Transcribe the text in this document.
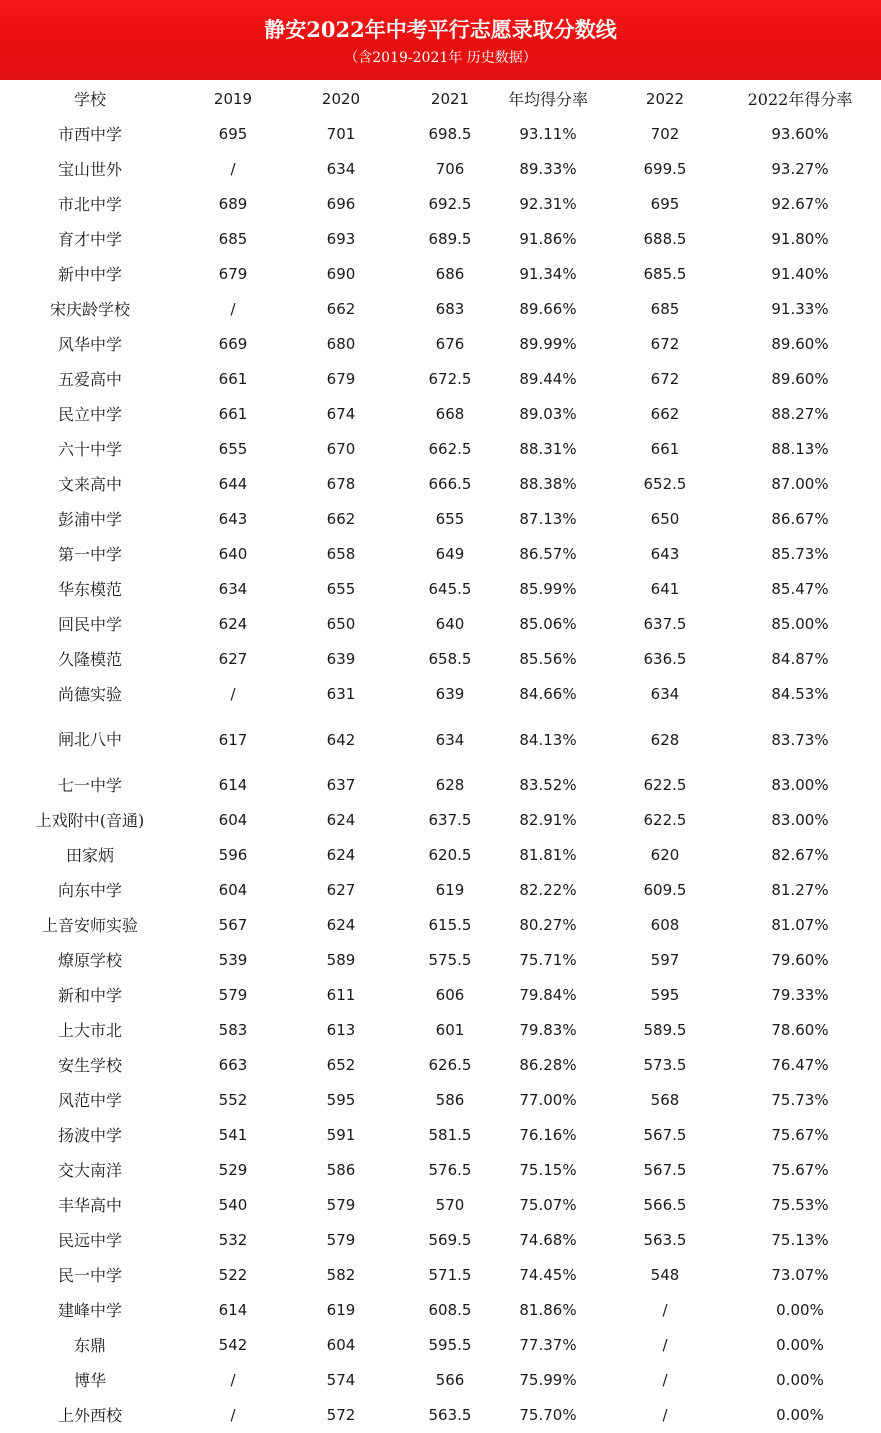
静安2022年中考平行志愿录取分数线
（含2019-2021年 历史数据）
学校	2019	2020	2021	年均得分率	2022	2022年得分率
市西中学	695	701	698.5	93.11%	702	93.60%
宝山世外	/	634	706	89.33%	699.5	93.27%
市北中学	689	696	692.5	92.31%	695	92.67%
育才中学	685	693	689.5	91.86%	688.5	91.80%
新中中学	679	690	686	91.34%	685.5	91.40%
宋庆龄学校	/	662	683	89.66%	685	91.33%
风华中学	669	680	676	89.99%	672	89.60%
五爱高中	661	679	672.5	89.44%	672	89.60%
民立中学	661	674	668	89.03%	662	88.27%
六十中学	655	670	662.5	88.31%	661	88.13%
文来高中	644	678	666.5	88.38%	652.5	87.00%
彭浦中学	643	662	655	87.13%	650	86.67%
第一中学	640	658	649	86.57%	643	85.73%
华东模范	634	655	645.5	85.99%	641	85.47%
回民中学	624	650	640	85.06%	637.5	85.00%
久隆模范	627	639	658.5	85.56%	636.5	84.87%
尚德实验	/	631	639	84.66%	634	84.53%
闸北八中	617	642	634	84.13%	628	83.73%
七一中学	614	637	628	83.52%	622.5	83.00%
上戏附中(音通)	604	624	637.5	82.91%	622.5	83.00%
田家炳	596	624	620.5	81.81%	620	82.67%
向东中学	604	627	619	82.22%	609.5	81.27%
上音安师实验	567	624	615.5	80.27%	608	81.07%
燎原学校	539	589	575.5	75.71%	597	79.60%
新和中学	579	611	606	79.84%	595	79.33%
上大市北	583	613	601	79.83%	589.5	78.60%
安生学校	663	652	626.5	86.28%	573.5	76.47%
风范中学	552	595	586	77.00%	568	75.73%
扬波中学	541	591	581.5	76.16%	567.5	75.67%
交大南洋	529	586	576.5	75.15%	567.5	75.67%
丰华高中	540	579	570	75.07%	566.5	75.53%
民远中学	532	579	569.5	74.68%	563.5	75.13%
民一中学	522	582	571.5	74.45%	548	73.07%
建峰中学	614	619	608.5	81.86%	/	0.00%
东鼎	542	604	595.5	77.37%	/	0.00%
博华	/	574	566	75.99%	/	0.00%
上外西校	/	572	563.5	75.70%	/	0.00%
